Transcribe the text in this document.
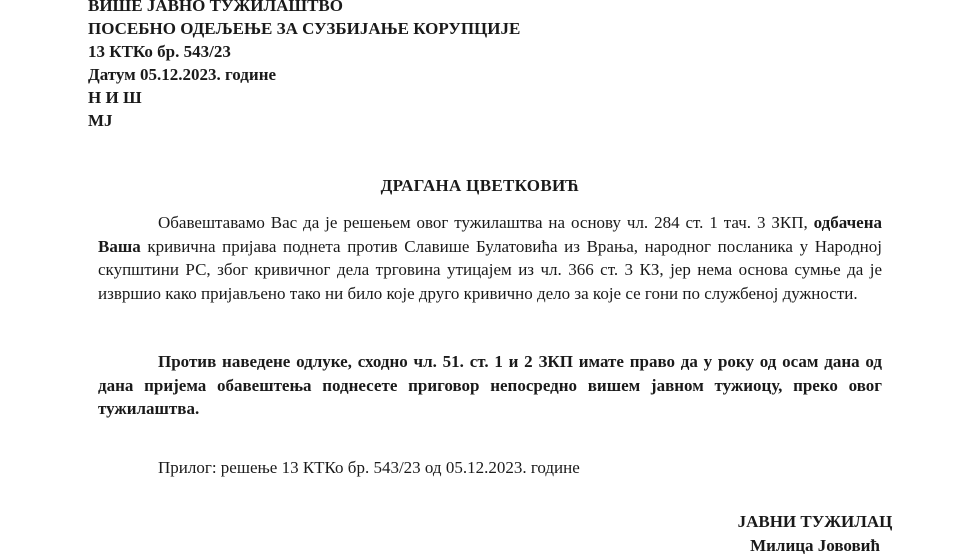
ВИШЕ ЈАВНО ТУЖИЛАШТВО
ПОСЕБНО ОДЕЉЕЊЕ ЗА СУЗБИЈАЊЕ КОРУПЦИЈЕ
13 КТКо бр. 543/23
Датум 05.12.2023. године
Н И Ш
МЈ
ДРАГАНА ЦВЕТКОВИЋ
Обавештавамо Вас да је решењем овог тужилаштва на основу чл. 284 ст. 1 тач. 3 ЗКП, одбачена Ваша кривична пријава поднета против Славише Булатовића из Врања, народног посланика у Народној скупштини РС, због кривичног дела трговина утицајем из чл. 366 ст. 3 КЗ, јер нема основа сумње да је извршио како пријављено тако ни било које друго кривично дело за које се гони по службеној дужности.
Против наведене одлуке, сходно чл. 51. ст. 1 и 2 ЗКП имате право да у року од осам дана од дана пријема обавештења поднесете приговор непосредно вишем јавном тужиоцу, преко овог тужилаштва.
Прилог: решење 13 КТКо бр. 543/23 од 05.12.2023. године
ЈАВНИ ТУЖИЛАЦ
Милица Јововић
